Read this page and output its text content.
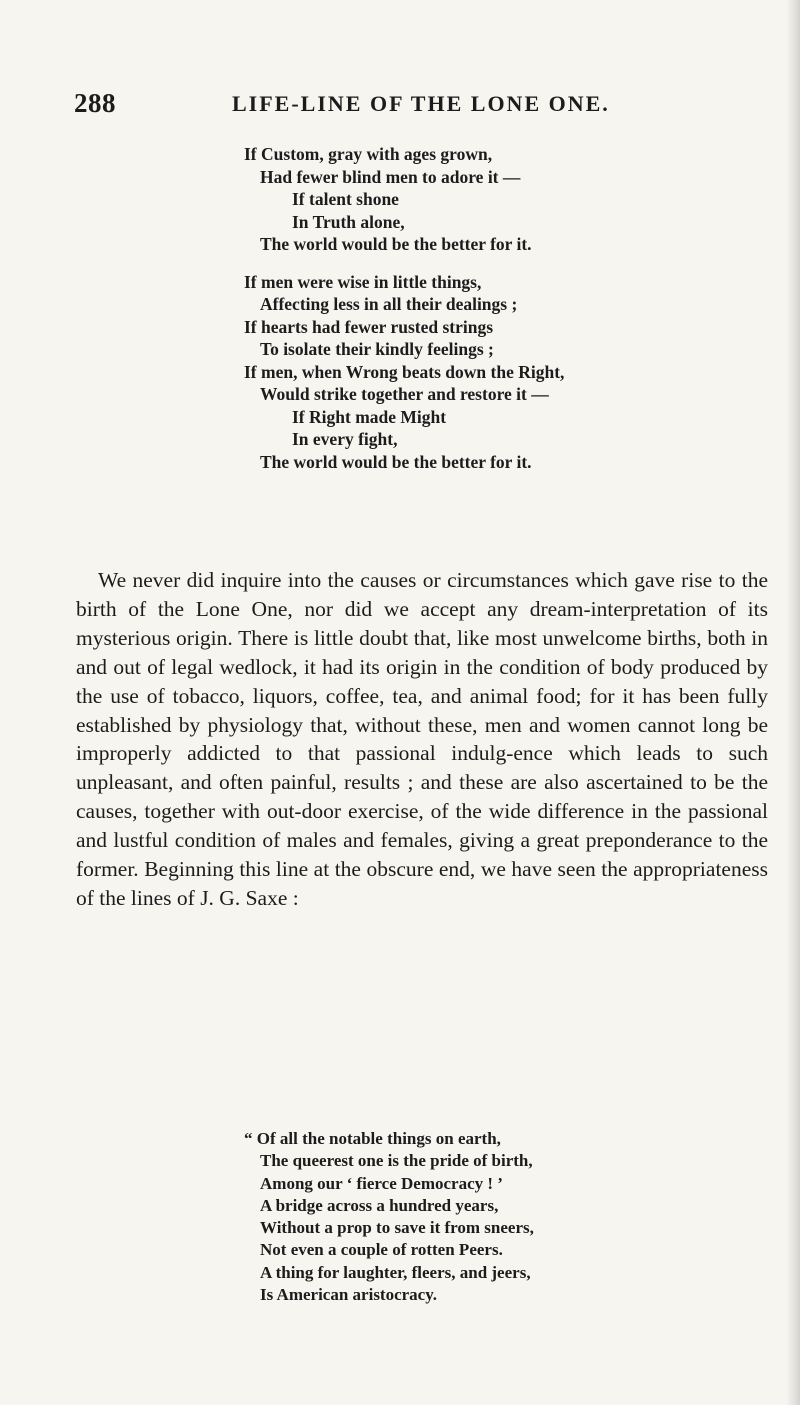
288	LIFE-LINE OF THE LONE ONE.
If Custom, gray with ages grown,
Had fewer blind men to adore it —
If talent shone
In Truth alone,
The world would be the better for it.
If men were wise in little things,
Affecting less in all their dealings ;
If hearts had fewer rusted strings
To isolate their kindly feelings ;
If men, when Wrong beats down the Right,
Would strike together and restore it —
If Right made Might
In every fight,
The world would be the better for it.

We never did inquire into the causes or circumstances which gave rise to the birth of the Lone One, nor did we accept any dream-interpretation of its mysterious origin. There is little doubt that, like most unwelcome births, both in and out of legal wedlock, it had its origin in the condition of body produced by the use of tobacco, liquors, coffee, tea, and animal food; for it has been fully established by physiology that, without these, men and women cannot long be improperly addicted to that passional indulg-ence which leads to such unpleasant, and often painful, results ; and these are also ascertained to be the causes, together with out-door exercise, of the wide difference in the passional and lustful condition of males and females, giving a great preponderance to the former. Beginning this line at the obscure end, we have seen the appropriateness of the lines of J. G. Saxe :

“ Of all the notable things on earth,
The queerest one is the pride of birth,
Among our ‘ fierce Democracy ! ’
A bridge across a hundred years,
Without a prop to save it from sneers,
Not even a couple of rotten Peers.
A thing for laughter, fleers, and jeers,
Is American aristocracy.
